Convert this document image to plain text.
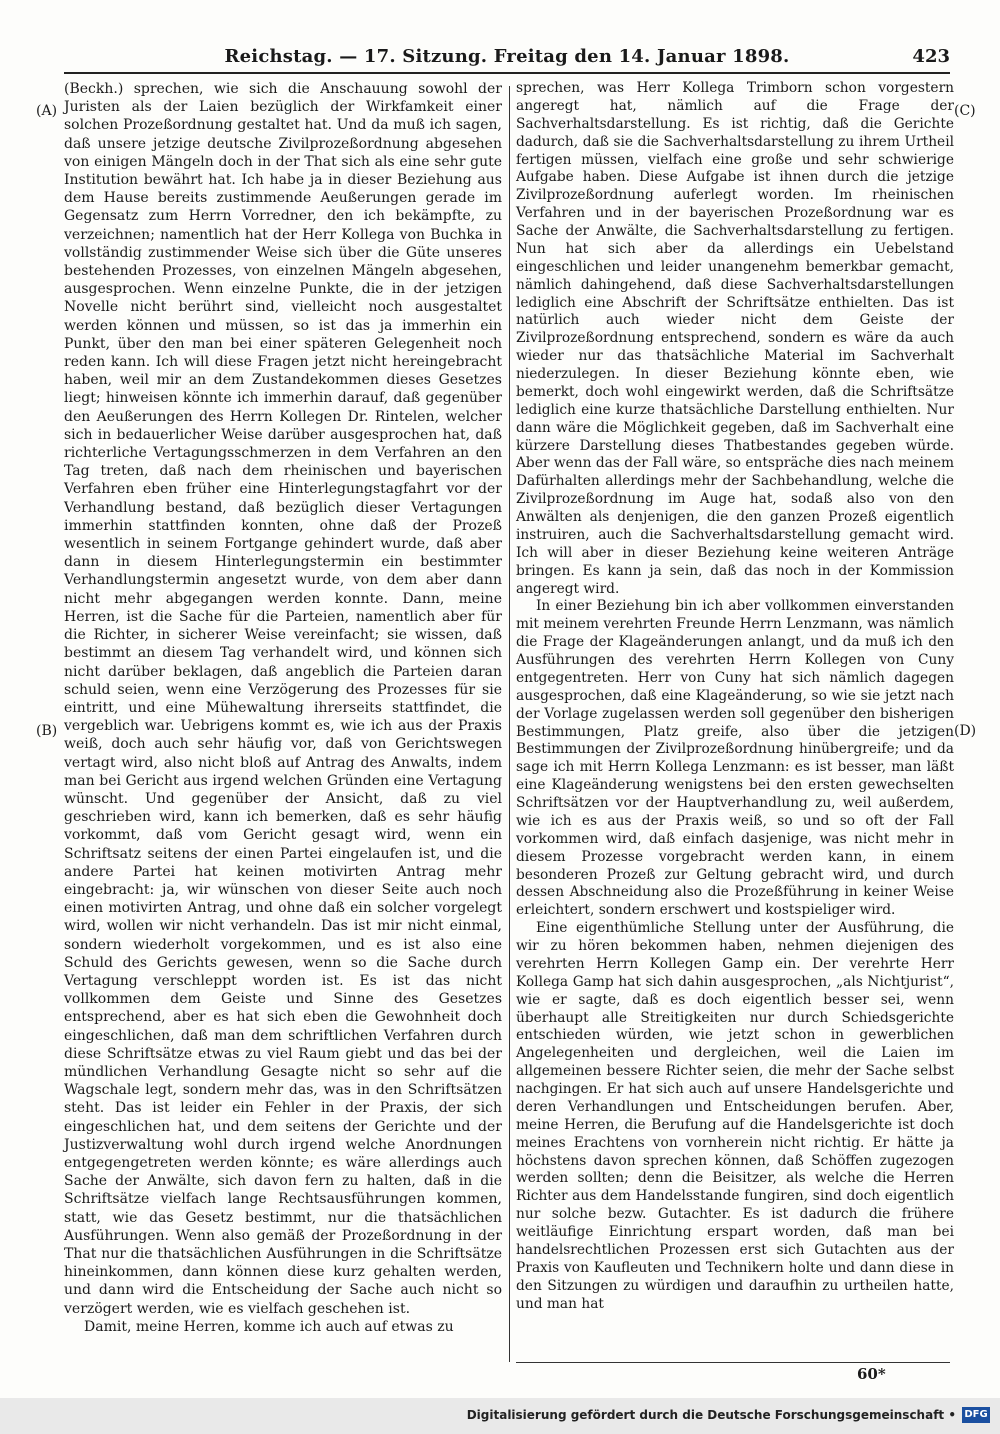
Reichstag. — 17. Sitzung. Freitag den 14. Januar 1898.	423
(A)
(B)
(C)
(D)

(Beckh.) sprechen, wie sich die Anschauung sowohl der Juristen als der Laien bezüglich der Wirkfamkeit einer solchen Prozeßordnung gestaltet hat. Und da muß ich sagen, daß unsere jetzige deutsche Zivilprozeßordnung abgesehen von einigen Mängeln doch in der That sich als eine sehr gute Institution bewährt hat. Ich habe ja in dieser Beziehung aus dem Hause bereits zustimmende Aeußerungen gerade im Gegensatz zum Herrn Vorredner, den ich bekämpfte, zu verzeichnen; namentlich hat der Herr Kollega von Buchka in vollständig zustimmender Weise sich über die Güte unseres bestehenden Prozesses, von einzelnen Mängeln abgesehen, ausgesprochen. Wenn einzelne Punkte, die in der jetzigen Novelle nicht berührt sind, vielleicht noch ausgestaltet werden können und müssen, so ist das ja immerhin ein Punkt, über den man bei einer späteren Gelegenheit noch reden kann. Ich will diese Fragen jetzt nicht hereingebracht haben, weil mir an dem Zustandekommen dieses Gesetzes liegt; hinweisen könnte ich immerhin darauf, daß gegenüber den Aeußerungen des Herrn Kollegen Dr. Rintelen, welcher sich in bedauerlicher Weise darüber ausgesprochen hat, daß richterliche Vertagungsschmerzen in dem Verfahren an den Tag treten, daß nach dem rheinischen und bayerischen Verfahren eben früher eine Hinterlegungstagfahrt vor der Verhandlung bestand, daß bezüglich dieser Vertagungen immerhin stattfinden konnten, ohne daß der Prozeß wesentlich in seinem Fortgange gehindert wurde, daß aber dann in diesem Hinterlegungstermin ein bestimmter Verhandlungstermin angesetzt wurde, von dem aber dann nicht mehr abgegangen werden konnte. Dann, meine Herren, ist die Sache für die Parteien, namentlich aber für die Richter, in sicherer Weise vereinfacht; sie wissen, daß bestimmt an diesem Tag verhandelt wird, und können sich nicht darüber beklagen, daß angeblich die Parteien daran schuld seien, wenn eine Verzögerung des Prozesses für sie eintritt, und eine Mühewaltung ihrerseits stattfindet, die vergeblich war. Uebrigens kommt es, wie ich aus der Praxis weiß, doch auch sehr häufig vor, daß von Gerichtswegen vertagt wird, also nicht bloß auf Antrag des Anwalts, indem man bei Gericht aus irgend welchen Gründen eine Vertagung wünscht. Und gegenüber der Ansicht, daß zu viel geschrieben wird, kann ich bemerken, daß es sehr häufig vorkommt, daß vom Gericht gesagt wird, wenn ein Schriftsatz seitens der einen Partei eingelaufen ist, und die andere Partei hat keinen motivirten Antrag mehr eingebracht: ja, wir wünschen von dieser Seite auch noch einen motivirten Antrag, und ohne daß ein solcher vorgelegt wird, wollen wir nicht verhandeln. Das ist mir nicht einmal, sondern wiederholt vorgekommen, und es ist also eine Schuld des Gerichts gewesen, wenn so die Sache durch Vertagung verschleppt worden ist. Es ist das nicht vollkommen dem Geiste und Sinne des Gesetzes entsprechend, aber es hat sich eben die Gewohnheit doch eingeschlichen, daß man dem schriftlichen Verfahren durch diese Schriftsätze etwas zu viel Raum giebt und das bei der mündlichen Verhandlung Gesagte nicht so sehr auf die Wagschale legt, sondern mehr das, was in den Schriftsätzen steht. Das ist leider ein Fehler in der Praxis, der sich eingeschlichen hat, und dem seitens der Gerichte und der Justizverwaltung wohl durch irgend welche Anordnungen entgegengetreten werden könnte; es wäre allerdings auch Sache der Anwälte, sich davon fern zu halten, daß in die Schriftsätze vielfach lange Rechtsausführungen kommen, statt, wie das Gesetz bestimmt, nur die thatsächlichen Ausführungen. Wenn also gemäß der Prozeßordnung in der That nur die thatsächlichen Ausführungen in die Schriftsätze hineinkommen, dann können diese kurz gehalten werden, und dann wird die Entscheidung der Sache auch nicht so verzögert werden, wie es vielfach geschehen ist.

Damit, meine Herren, komme ich auch auf etwas zu

sprechen, was Herr Kollega Trimborn schon vorgestern angeregt hat, nämlich auf die Frage der Sachverhaltsdarstellung. Es ist richtig, daß die Gerichte dadurch, daß sie die Sachverhaltsdarstellung zu ihrem Urtheil fertigen müssen, vielfach eine große und sehr schwierige Aufgabe haben. Diese Aufgabe ist ihnen durch die jetzige Zivilprozeßordnung auferlegt worden. Im rheinischen Verfahren und in der bayerischen Prozeßordnung war es Sache der Anwälte, die Sachverhaltsdarstellung zu fertigen. Nun hat sich aber da allerdings ein Uebelstand eingeschlichen und leider unangenehm bemerkbar gemacht, nämlich dahingehend, daß diese Sachverhaltsdarstellungen lediglich eine Abschrift der Schriftsätze enthielten. Das ist natürlich auch wieder nicht dem Geiste der Zivilprozeßordnung entsprechend, sondern es wäre da auch wieder nur das thatsächliche Material im Sachverhalt niederzulegen. In dieser Beziehung könnte eben, wie bemerkt, doch wohl eingewirkt werden, daß die Schriftsätze lediglich eine kurze thatsächliche Darstellung enthielten. Nur dann wäre die Möglichkeit gegeben, daß im Sachverhalt eine kürzere Darstellung dieses Thatbestandes gegeben würde. Aber wenn das der Fall wäre, so entspräche dies nach meinem Dafürhalten allerdings mehr der Sachbehandlung, welche die Zivilprozeßordnung im Auge hat, sodaß also von den Anwälten als denjenigen, die den ganzen Prozeß eigentlich instruiren, auch die Sachverhaltsdarstellung gemacht wird. Ich will aber in dieser Beziehung keine weiteren Anträge bringen. Es kann ja sein, daß das noch in der Kommission angeregt wird.

In einer Beziehung bin ich aber vollkommen einverstanden mit meinem verehrten Freunde Herrn Lenzmann, was nämlich die Frage der Klageänderungen anlangt, und da muß ich den Ausführungen des verehrten Herrn Kollegen von Cuny entgegentreten. Herr von Cuny hat sich nämlich dagegen ausgesprochen, daß eine Klageänderung, so wie sie jetzt nach der Vorlage zugelassen werden soll gegenüber den bisherigen Bestimmungen, Platz greife, also über die jetzigen Bestimmungen der Zivilprozeßordnung hinübergreife; und da sage ich mit Herrn Kollega Lenzmann: es ist besser, man läßt eine Klageänderung wenigstens bei den ersten gewechselten Schriftsätzen vor der Hauptverhandlung zu, weil außerdem, wie ich es aus der Praxis weiß, so und so oft der Fall vorkommen wird, daß einfach dasjenige, was nicht mehr in diesem Prozesse vorgebracht werden kann, in einem besonderen Prozeß zur Geltung gebracht wird, und durch dessen Abschneidung also die Prozeßführung in keiner Weise erleichtert, sondern erschwert und kostspieliger wird.

Eine eigenthümliche Stellung unter der Ausführung, die wir zu hören bekommen haben, nehmen diejenigen des verehrten Herrn Kollegen Gamp ein. Der verehrte Herr Kollega Gamp hat sich dahin ausgesprochen, „als Nichtjurist“, wie er sagte, daß es doch eigentlich besser sei, wenn überhaupt alle Streitigkeiten nur durch Schiedsgerichte entschieden würden, wie jetzt schon in gewerblichen Angelegenheiten und dergleichen, weil die Laien im allgemeinen bessere Richter seien, die mehr der Sache selbst nachgingen. Er hat sich auch auf unsere Handelsgerichte und deren Verhandlungen und Entscheidungen berufen. Aber, meine Herren, die Berufung auf die Handelsgerichte ist doch meines Erachtens von vornherein nicht richtig. Er hätte ja höchstens davon sprechen können, daß Schöffen zugezogen werden sollten; denn die Beisitzer, als welche die Herren Richter aus dem Handelsstande fungiren, sind doch eigentlich nur solche bezw. Gutachter. Es ist dadurch die frühere weitläufige Einrichtung erspart worden, daß man bei handelsrechtlichen Prozessen erst sich Gutachten aus der Praxis von Kaufleuten und Technikern holte und dann diese in den Sitzungen zu würdigen und daraufhin zu urtheilen hatte, und man hat

60*
Digitalisierung gefördert durch die Deutsche Forschungsgemeinschaft • DFG
